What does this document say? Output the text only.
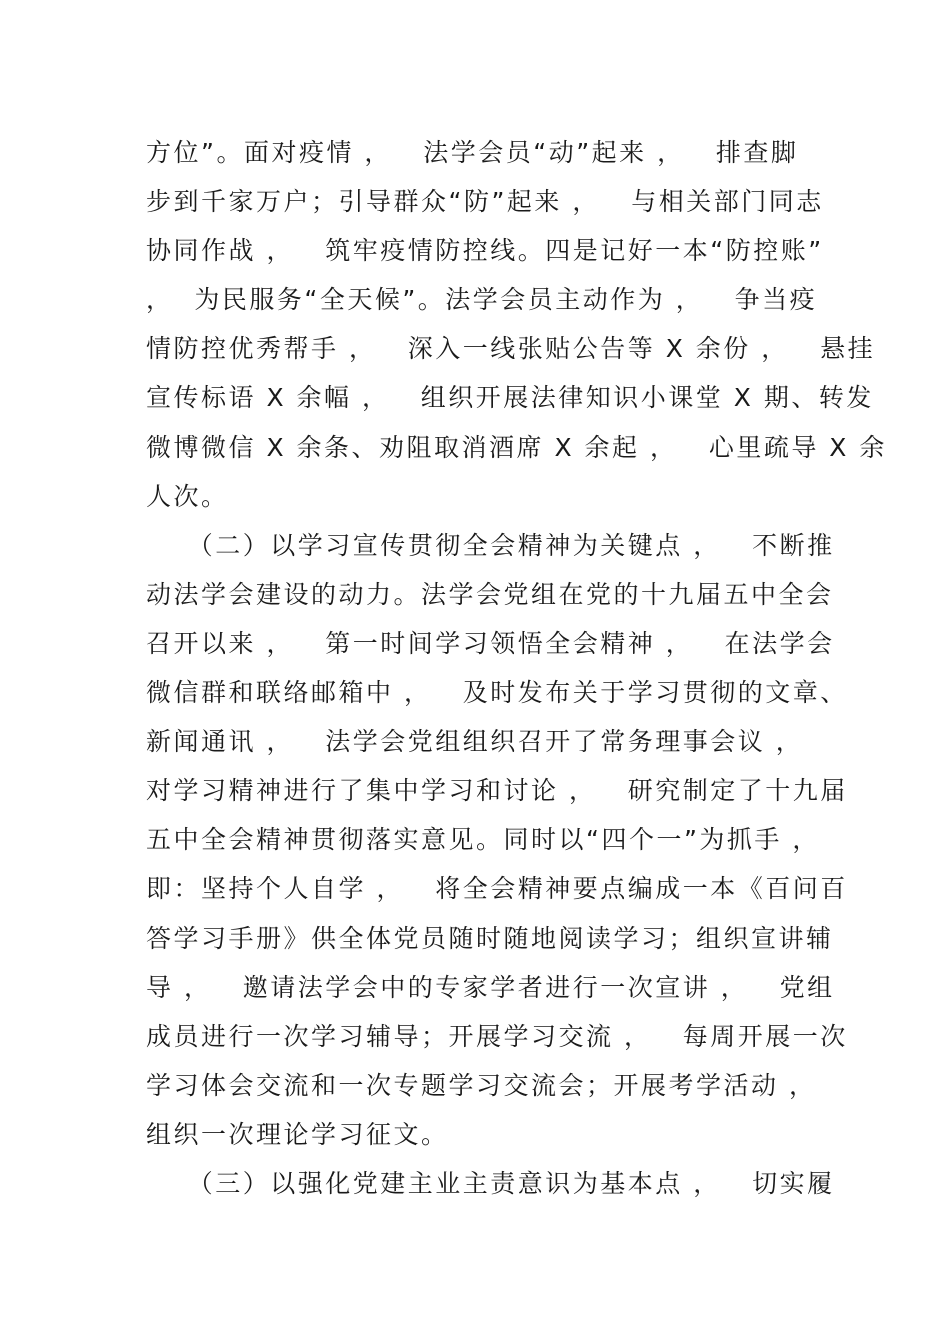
方位”。面对疫情 ，   法学会员“动”起来 ，   排查脚
步到千家万户；引导群众“防”起来 ，   与相关部门同志
协同作战 ，   筑牢疫情防控线。四是记好一本“防控账”
，  为民服务“全天候”。法学会员主动作为 ，   争当疫
情防控优秀帮手 ，   深入一线张贴公告等 X 余份 ，   悬挂
宣传标语 X 余幅 ，   组织开展法律知识小课堂 X 期、转发
微博微信 X 余条、劝阻取消酒席 X 余起 ，   心里疏导 X 余
人次。
（二）以学习宣传贯彻全会精神为关键点 ，   不断推
动法学会建设的动力。法学会党组在党的十九届五中全会
召开以来 ，   第一时间学习领悟全会精神 ，   在法学会
微信群和联络邮箱中 ，   及时发布关于学习贯彻的文章、
新闻通讯 ，   法学会党组组织召开了常务理事会议 ，
对学习精神进行了集中学习和讨论 ，   研究制定了十九届
五中全会精神贯彻落实意见。同时以“四个一”为抓手 ，
即：坚持个人自学 ，   将全会精神要点编成一本《百问百
答学习手册》供全体党员随时随地阅读学习；组织宣讲辅
导 ，   邀请法学会中的专家学者进行一次宣讲 ，   党组
成员进行一次学习辅导；开展学习交流 ，   每周开展一次
学习体会交流和一次专题学习交流会；开展考学活动 ，
组织一次理论学习征文。
（三）以强化党建主业主责意识为基本点 ，   切实履
